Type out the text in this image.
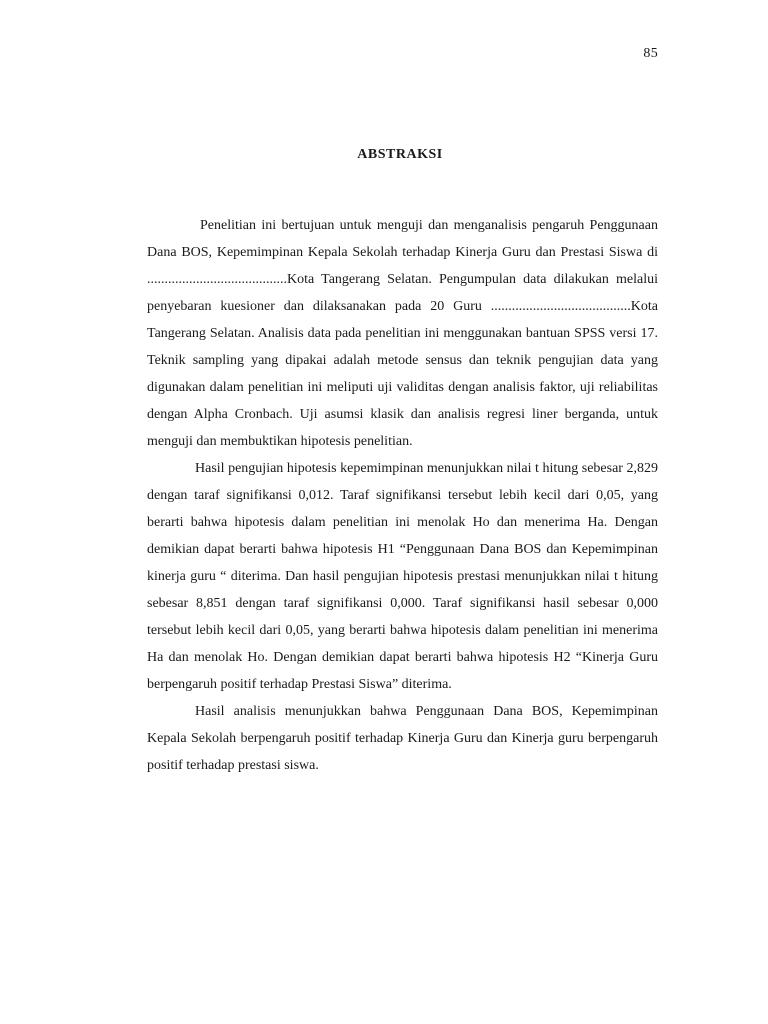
85
ABSTRAKSI

Penelitian ini bertujuan untuk menguji dan menganalisis pengaruh Penggunaan Dana BOS, Kepemimpinan Kepala Sekolah terhadap Kinerja Guru dan Prestasi Siswa di ........................................Kota Tangerang Selatan. Pengumpulan data dilakukan melalui penyebaran kuesioner dan dilaksanakan pada 20 Guru ........................................Kota Tangerang Selatan. Analisis data pada penelitian ini menggunakan bantuan SPSS versi 17. Teknik sampling yang dipakai adalah metode sensus dan teknik pengujian data yang digunakan dalam penelitian ini meliputi uji validitas dengan analisis faktor, uji reliabilitas dengan Alpha Cronbach. Uji asumsi klasik dan analisis regresi liner berganda, untuk menguji dan membuktikan hipotesis penelitian.

Hasil pengujian hipotesis kepemimpinan menunjukkan nilai t hitung sebesar 2,829 dengan taraf signifikansi 0,012. Taraf signifikansi tersebut lebih kecil dari 0,05, yang berarti bahwa hipotesis dalam penelitian ini menolak Ho dan menerima Ha. Dengan demikian dapat berarti bahwa hipotesis H1 “Penggunaan Dana BOS dan Kepemimpinan kinerja guru “ diterima. Dan hasil pengujian hipotesis prestasi menunjukkan nilai t hitung sebesar 8,851 dengan taraf signifikansi 0,000. Taraf signifikansi hasil sebesar 0,000 tersebut lebih kecil dari 0,05, yang berarti bahwa hipotesis dalam penelitian ini menerima Ha dan menolak Ho. Dengan demikian dapat berarti bahwa hipotesis H2 “Kinerja Guru berpengaruh positif terhadap Prestasi Siswa” diterima.

Hasil analisis menunjukkan bahwa Penggunaan Dana BOS, Kepemimpinan Kepala Sekolah berpengaruh positif terhadap Kinerja Guru dan Kinerja guru berpengaruh positif terhadap prestasi siswa.
